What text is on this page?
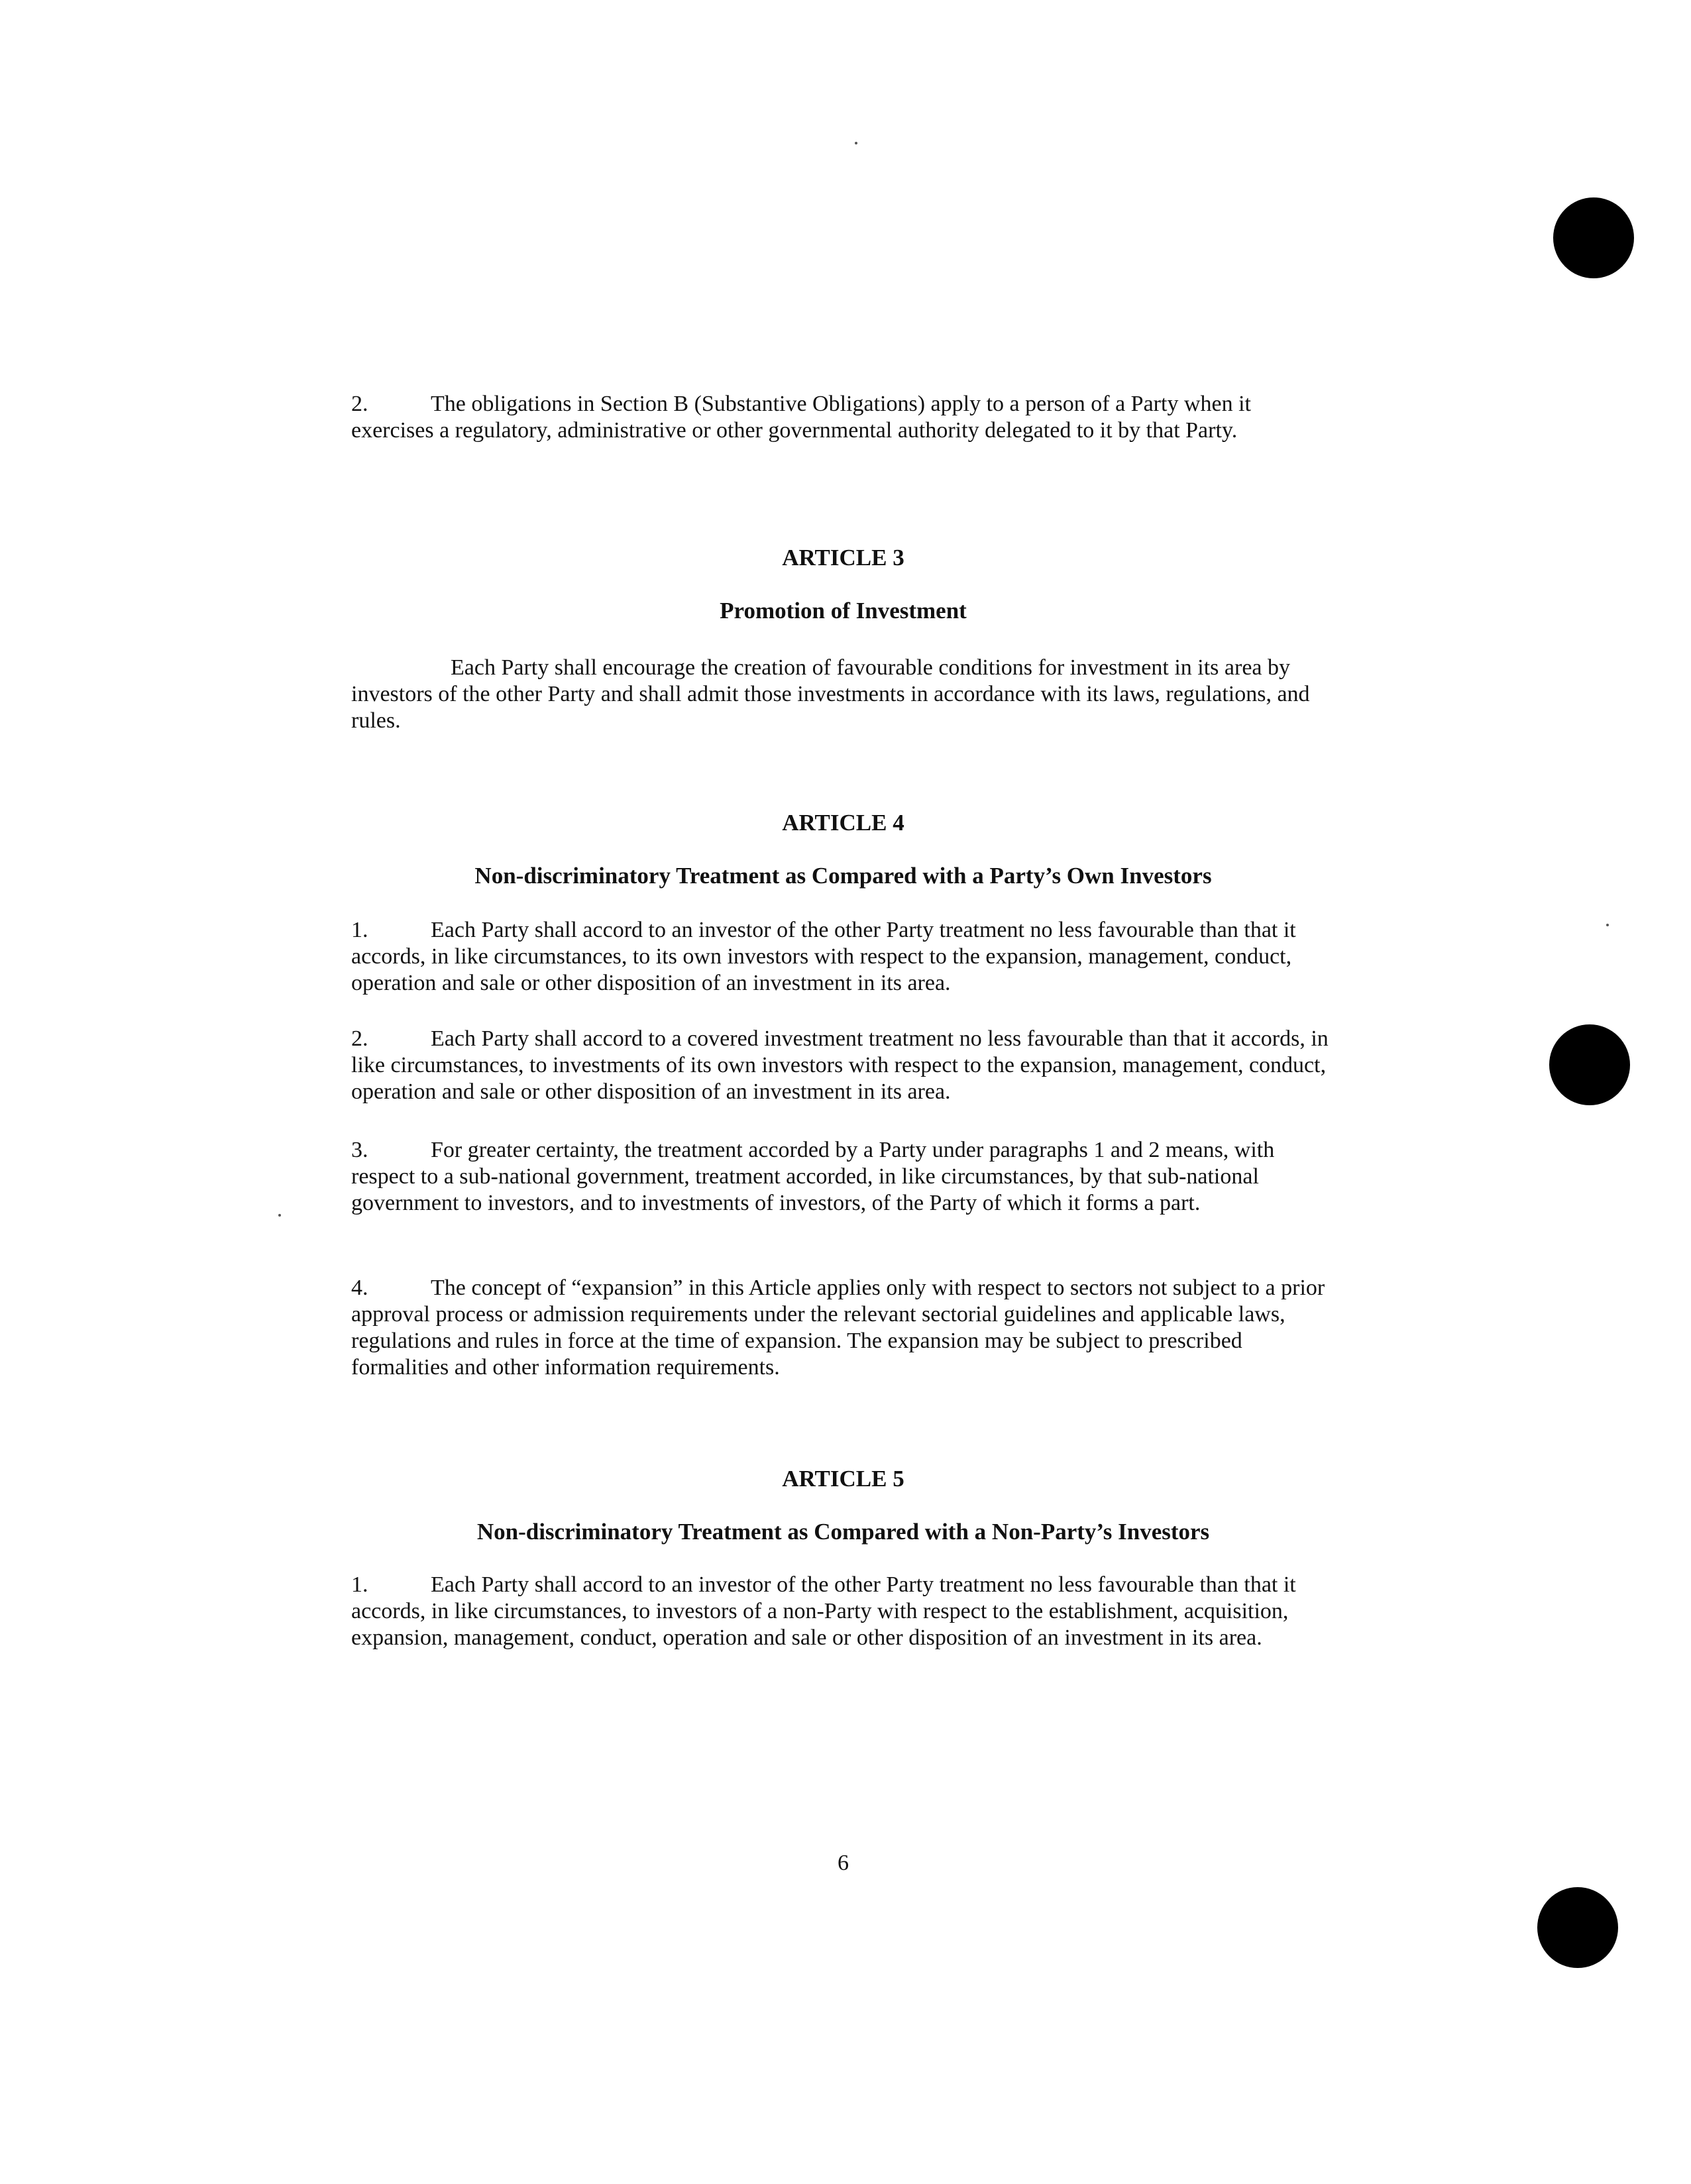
2.	The obligations in Section B (Substantive Obligations) apply to a person of a Party when it exercises a regulatory, administrative or other governmental authority delegated to it by that Party.

ARTICLE 3
Promotion of Investment

Each Party shall encourage the creation of favourable conditions for investment in its area by investors of the other Party and shall admit those investments in accordance with its laws, regulations, and rules.

ARTICLE 4
Non-discriminatory Treatment as Compared with a Party’s Own Investors

1.	Each Party shall accord to an investor of the other Party treatment no less favourable than that it accords, in like circumstances, to its own investors with respect to the expansion, management, conduct, operation and sale or other disposition of an investment in its area.

2.	Each Party shall accord to a covered investment treatment no less favourable than that it accords, in like circumstances, to investments of its own investors with respect to the expansion, management, conduct, operation and sale or other disposition of an investment in its area.

3.	For greater certainty, the treatment accorded by a Party under paragraphs 1 and 2 means, with respect to a sub-national government, treatment accorded, in like circumstances, by that sub-national government to investors, and to investments of investors, of the Party of which it forms a part.

4.	The concept of “expansion” in this Article applies only with respect to sectors not subject to a prior approval process or admission requirements under the relevant sectorial guidelines and applicable laws, regulations and rules in force at the time of expansion. The expansion may be subject to prescribed formalities and other information requirements.

ARTICLE 5
Non-discriminatory Treatment as Compared with a Non-Party’s Investors

1.	Each Party shall accord to an investor of the other Party treatment no less favourable than that it accords, in like circumstances, to investors of a non-Party with respect to the establishment, acquisition, expansion, management, conduct, operation and sale or other disposition of an investment in its area.

6
